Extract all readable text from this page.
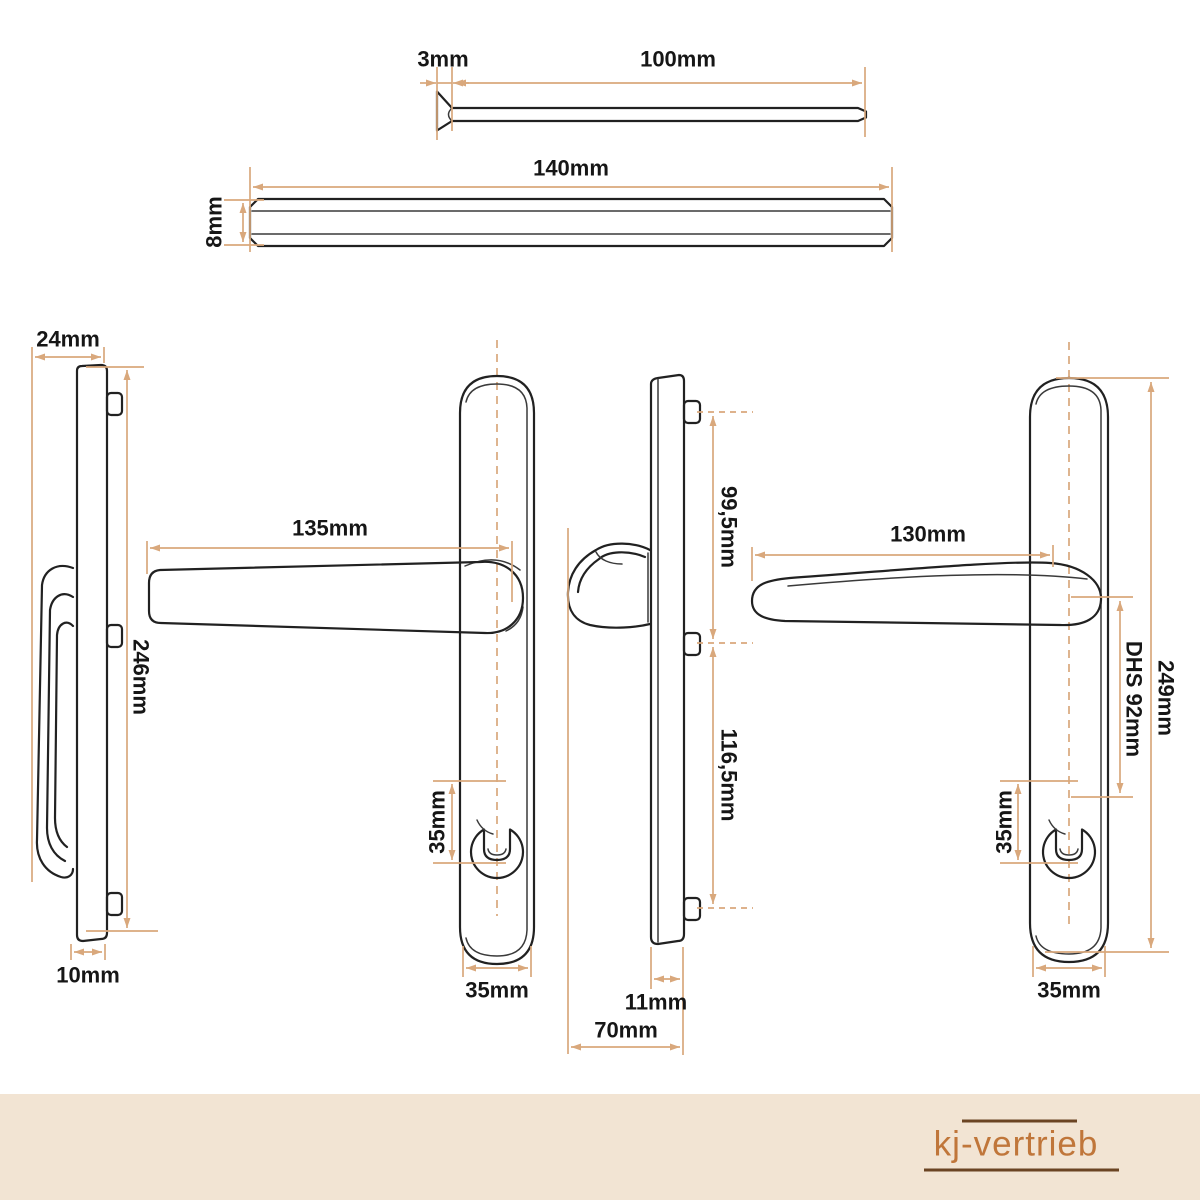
3mm	100mm
140mm
8mm
24mm
246mm
10mm
135mm
35mm
35mm
99,5mm
116,5mm
11mm
70mm
130mm
DHS 92mm 249mm
35mm
35mm
kj-vertrieb
